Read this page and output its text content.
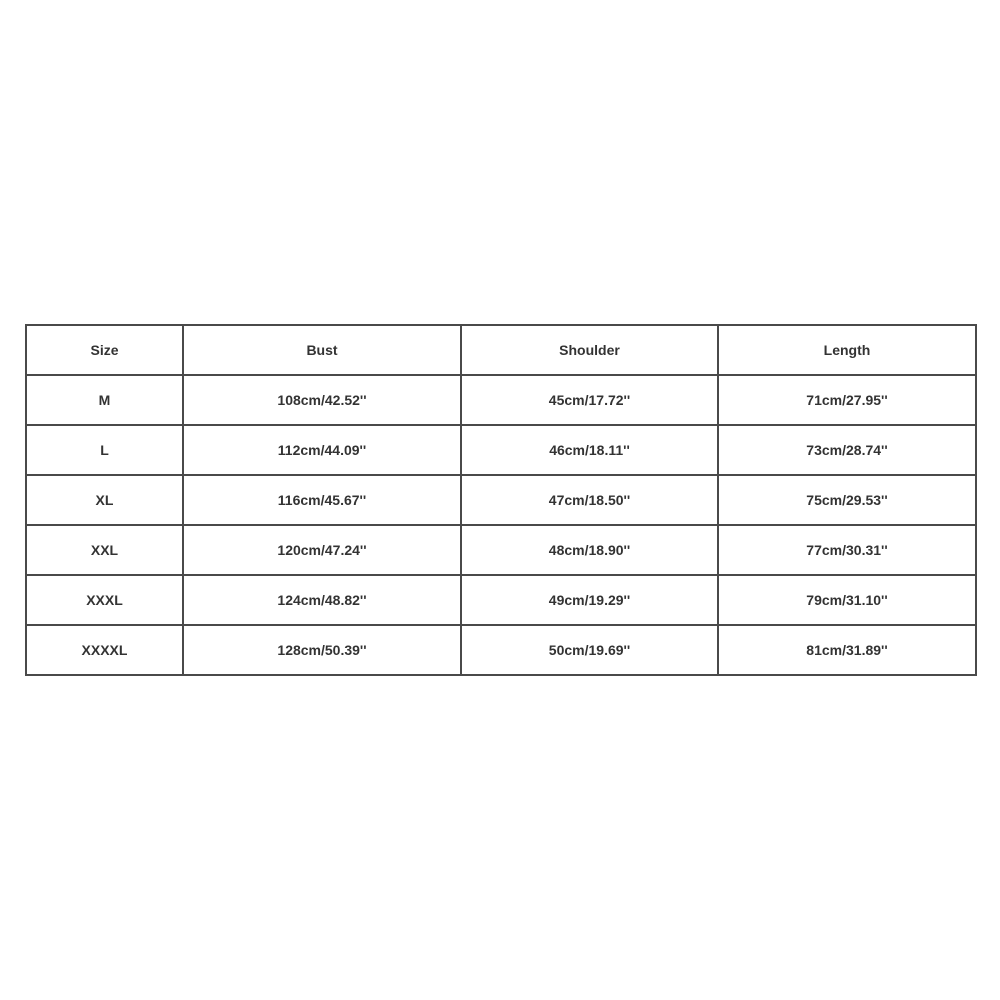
Size	Bust	Shoulder	Length
M	108cm/42.52''	45cm/17.72''	71cm/27.95''
L	112cm/44.09''	46cm/18.11''	73cm/28.74''
XL	116cm/45.67''	47cm/18.50''	75cm/29.53''
XXL	120cm/47.24''	48cm/18.90''	77cm/30.31''
XXXL	124cm/48.82''	49cm/19.29''	79cm/31.10''
XXXXL	128cm/50.39''	50cm/19.69''	81cm/31.89''
